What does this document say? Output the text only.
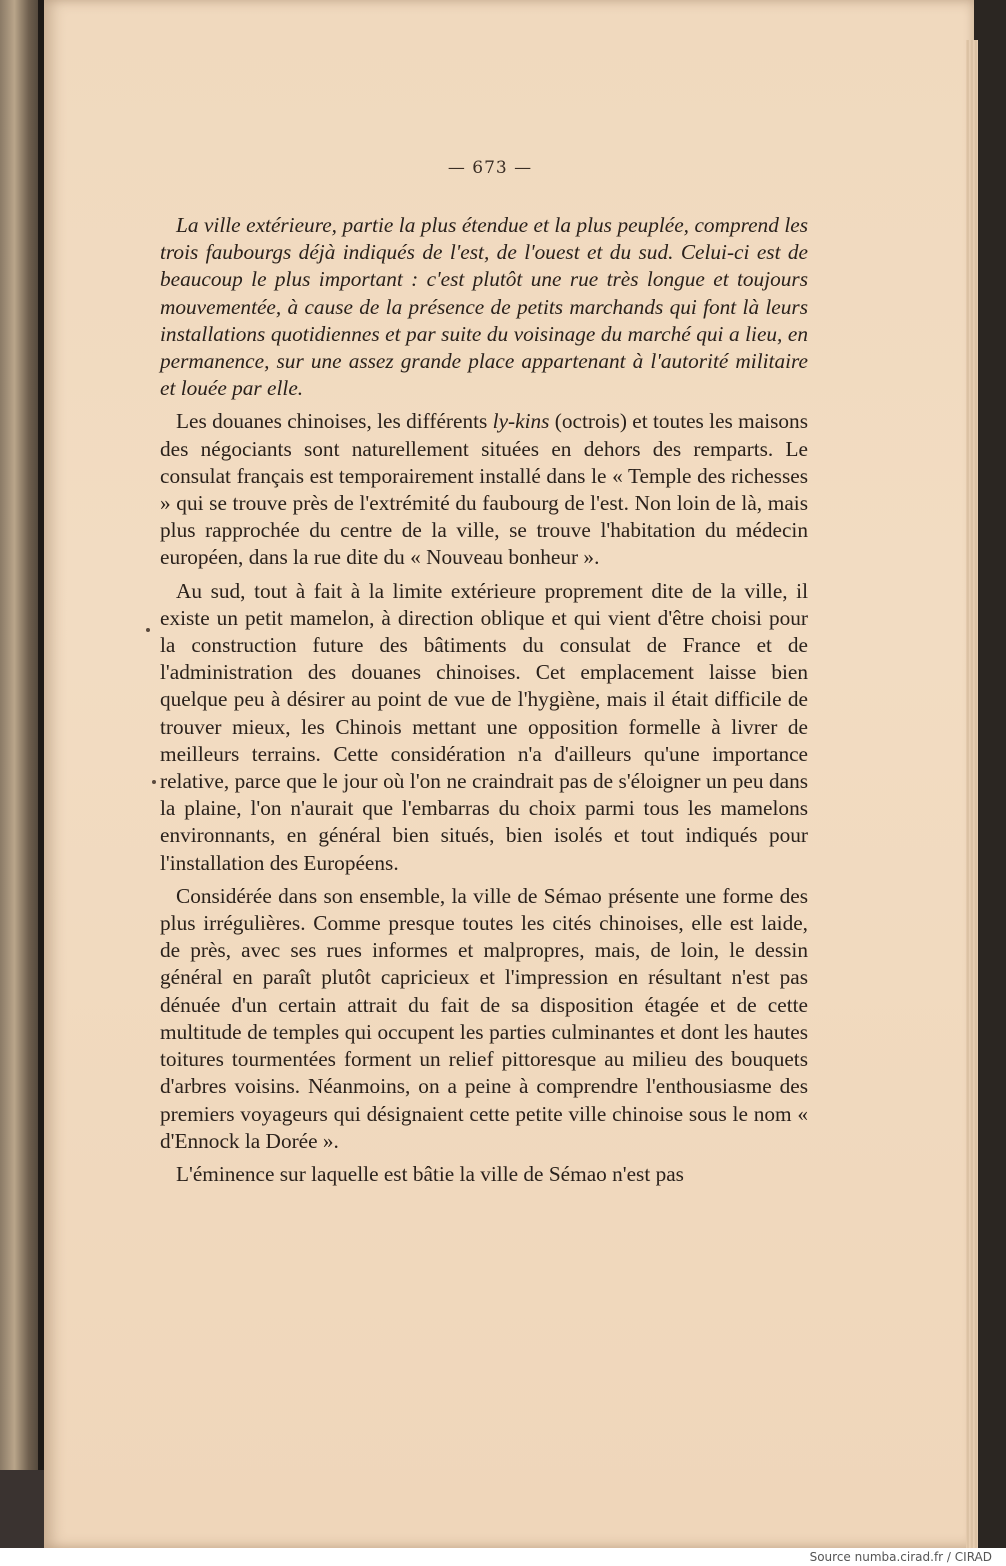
— 673 —

La ville extérieure, partie la plus étendue et la plus peuplée, comprend les trois faubourgs déjà indiqués de l'est, de l'ouest et du sud. Celui-ci est de beaucoup le plus important : c'est plutôt une rue très longue et toujours mouvementée, à cause de la présence de petits marchands qui font là leurs installations quotidiennes et par suite du voisinage du marché qui a lieu, en permanence, sur une assez grande place appartenant à l'autorité militaire et louée par elle.

Les douanes chinoises, les différents ly-kins (octrois) et toutes les maisons des négociants sont naturellement situées en dehors des remparts. Le consulat français est temporairement installé dans le « Temple des richesses » qui se trouve près de l'extrémité du faubourg de l'est. Non loin de là, mais plus rapprochée du centre de la ville, se trouve l'habitation du médecin européen, dans la rue dite du « Nouveau bonheur ».

Au sud, tout à fait à la limite extérieure proprement dite de la ville, il existe un petit mamelon, à direction oblique et qui vient d'être choisi pour la construction future des bâtiments du consulat de France et de l'administration des douanes chinoises. Cet emplacement laisse bien quelque peu à désirer au point de vue de l'hygiène, mais il était difficile de trouver mieux, les Chinois mettant une opposition formelle à livrer de meilleurs terrains. Cette considération n'a d'ailleurs qu'une importance relative, parce que le jour où l'on ne craindrait pas de s'éloigner un peu dans la plaine, l'on n'aurait que l'embarras du choix parmi tous les mamelons environnants, en général bien situés, bien isolés et tout indiqués pour l'installation des Européens.

Considérée dans son ensemble, la ville de Sémao présente une forme des plus irrégulières. Comme presque toutes les cités chinoises, elle est laide, de près, avec ses rues informes et malpropres, mais, de loin, le dessin général en paraît plutôt capricieux et l'impression en résultant n'est pas dénuée d'un certain attrait du fait de sa disposition étagée et de cette multitude de temples qui occupent les parties culminantes et dont les hautes toitures tourmentées forment un relief pittoresque au milieu des bouquets d'arbres voisins. Néanmoins, on a peine à comprendre l'enthousiasme des premiers voyageurs qui désignaient cette petite ville chinoise sous le nom « d'Ennock la Dorée ».

L'éminence sur laquelle est bâtie la ville de Sémao n'est pas

Source numba.cirad.fr / CIRAD
